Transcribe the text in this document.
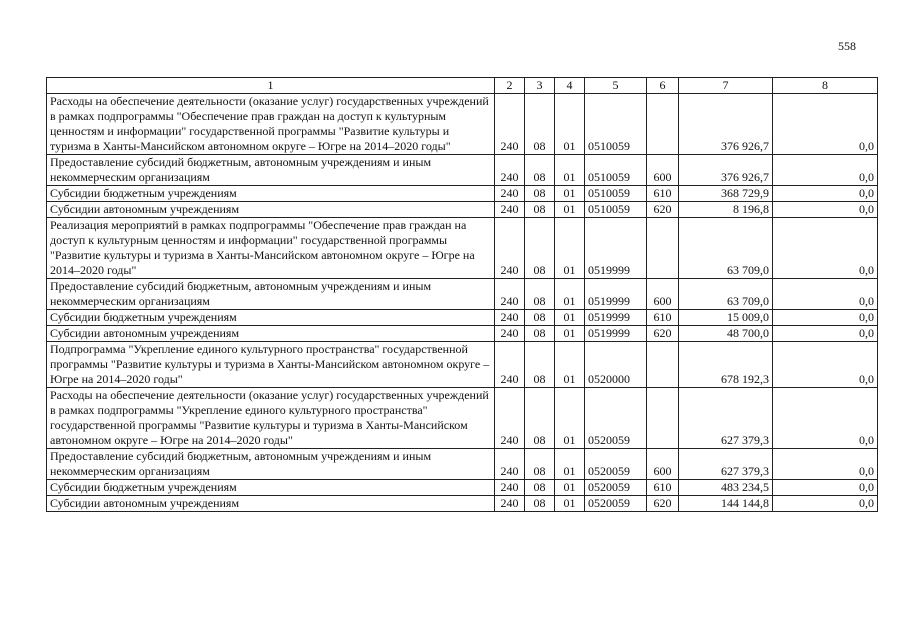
558
1	2	3	4	5	6	7	8
Расходы на обеспечение деятельности (оказание услуг) государственных учреждений в рамках подпрограммы "Обеспечение прав граждан на доступ к культурным ценностям и информации" государственной программы "Развитие культуры и туризма в Ханты-Мансийском автономном округе – Югре на 2014–2020 годы"	240	08	01	0510059		376 926,7	0,0
Предоставление субсидий бюджетным, автономным учреждениям и иным некоммерческим организациям	240	08	01	0510059	600	376 926,7	0,0
Субсидии бюджетным учреждениям	240	08	01	0510059	610	368 729,9	0,0
Субсидии автономным учреждениям	240	08	01	0510059	620	8 196,8	0,0
Реализация мероприятий в рамках подпрограммы "Обеспечение прав граждан на доступ к культурным ценностям и информации" государственной программы "Развитие культуры и туризма в Ханты-Мансийском автономном округе – Югре на 2014–2020 годы"	240	08	01	0519999		63 709,0	0,0
Предоставление субсидий бюджетным, автономным учреждениям и иным некоммерческим организациям	240	08	01	0519999	600	63 709,0	0,0
Субсидии бюджетным учреждениям	240	08	01	0519999	610	15 009,0	0,0
Субсидии автономным учреждениям	240	08	01	0519999	620	48 700,0	0,0
Подпрограмма "Укрепление единого культурного пространства" государственной программы "Развитие культуры и туризма в Ханты-Мансийском автономном округе – Югре на 2014–2020 годы"	240	08	01	0520000		678 192,3	0,0
Расходы на обеспечение деятельности (оказание услуг) государственных учреждений в рамках подпрограммы "Укрепление единого культурного пространства" государственной программы "Развитие культуры и туризма в Ханты-Мансийском автономном округе – Югре на 2014–2020 годы"	240	08	01	0520059		627 379,3	0,0
Предоставление субсидий бюджетным, автономным учреждениям и иным некоммерческим организациям	240	08	01	0520059	600	627 379,3	0,0
Субсидии бюджетным учреждениям	240	08	01	0520059	610	483 234,5	0,0
Субсидии автономным учреждениям	240	08	01	0520059	620	144 144,8	0,0
